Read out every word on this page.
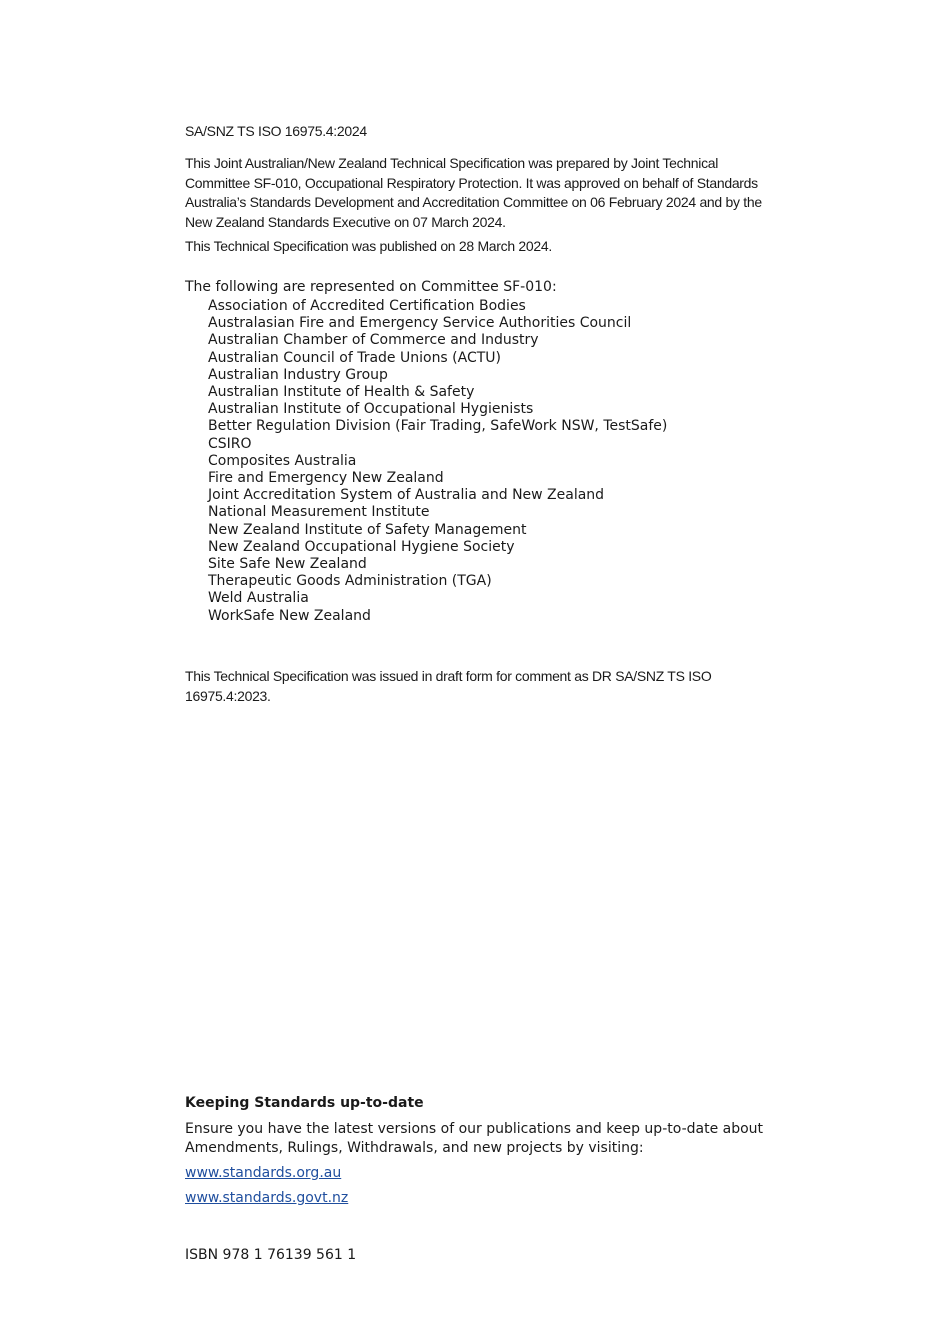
SA/SNZ TS ISO 16975.4:2024

This Joint Australian/New Zealand Technical Specification was prepared by Joint Technical Committee SF-010, Occupational Respiratory Protection. It was approved on behalf of Standards Australia’s Standards Development and Accreditation Committee on 06 February 2024 and by the New Zealand Standards Executive on 07 March 2024.

This Technical Specification was published on 28 March 2024.

The following are represented on Committee SF-010:

Association of Accredited Certification Bodies
Australasian Fire and Emergency Service Authorities Council
Australian Chamber of Commerce and Industry
Australian Council of Trade Unions (ACTU)
Australian Industry Group
Australian Institute of Health & Safety
Australian Institute of Occupational Hygienists
Better Regulation Division (Fair Trading, SafeWork NSW, TestSafe)
CSIRO
Composites Australia
Fire and Emergency New Zealand
Joint Accreditation System of Australia and New Zealand
National Measurement Institute
New Zealand Institute of Safety Management
New Zealand Occupational Hygiene Society
Site Safe New Zealand
Therapeutic Goods Administration (TGA)
Weld Australia
WorkSafe New Zealand

This Technical Specification was issued in draft form for comment as DR SA/SNZ TS ISO 16975.4:2023.

Keeping Standards up-to-date

Ensure you have the latest versions of our publications and keep up-to-date about Amendments, Rulings, Withdrawals, and new projects by visiting:

www.standards.org.au
www.standards.govt.nz

ISBN 978 1 76139 561 1
